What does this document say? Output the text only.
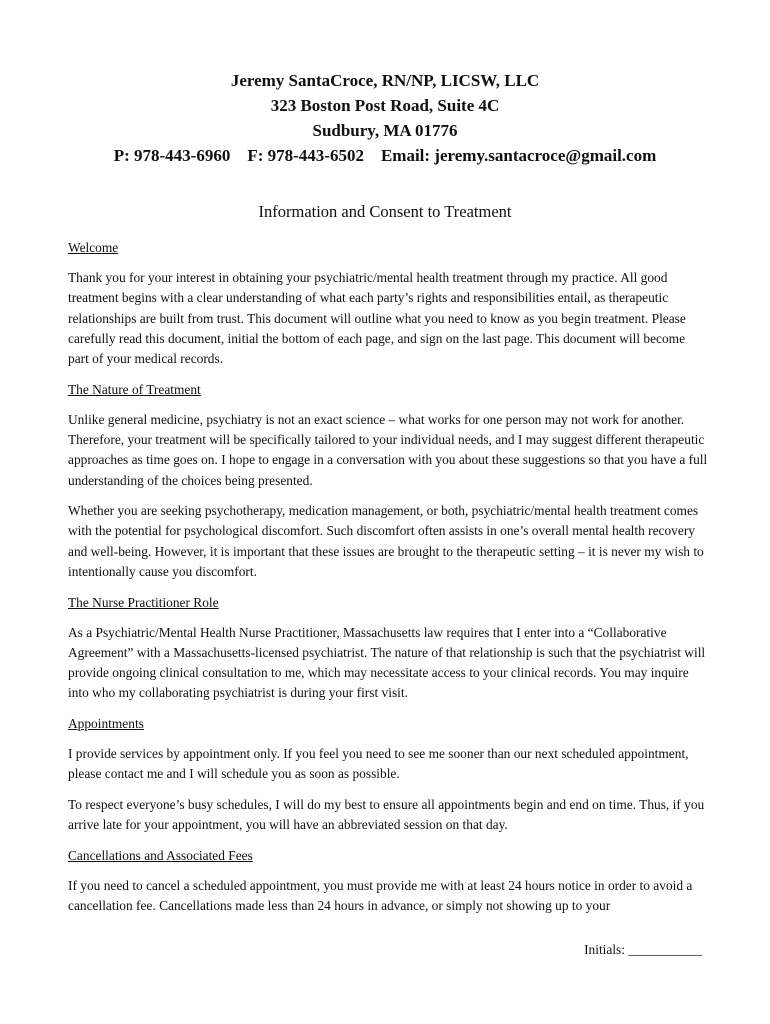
Jeremy SantaCroce, RN/NP, LICSW, LLC
323 Boston Post Road, Suite 4C
Sudbury, MA 01776
P: 978-443-6960    F: 978-443-6502    Email: jeremy.santacroce@gmail.com
Information and Consent to Treatment
Welcome

Thank you for your interest in obtaining your psychiatric/mental health treatment through my practice. All good treatment begins with a clear understanding of what each party’s rights and responsibilities entail, as therapeutic relationships are built from trust. This document will outline what you need to know as you begin treatment. Please carefully read this document, initial the bottom of each page, and sign on the last page. This document will become part of your medical records.

The Nature of Treatment

Unlike general medicine, psychiatry is not an exact science – what works for one person may not work for another. Therefore, your treatment will be specifically tailored to your individual needs, and I may suggest different therapeutic approaches as time goes on. I hope to engage in a conversation with you about these suggestions so that you have a full understanding of the choices being presented.

Whether you are seeking psychotherapy, medication management, or both, psychiatric/mental health treatment comes with the potential for psychological discomfort. Such discomfort often assists in one’s overall mental health recovery and well-being. However, it is important that these issues are brought to the therapeutic setting – it is never my wish to intentionally cause you discomfort.

The Nurse Practitioner Role

As a Psychiatric/Mental Health Nurse Practitioner, Massachusetts law requires that I enter into a “Collaborative Agreement” with a Massachusetts-licensed psychiatrist. The nature of that relationship is such that the psychiatrist will provide ongoing clinical consultation to me, which may necessitate access to your clinical records. You may inquire into who my collaborating psychiatrist is during your first visit.

Appointments

I provide services by appointment only. If you feel you need to see me sooner than our next scheduled appointment, please contact me and I will schedule you as soon as possible.

To respect everyone’s busy schedules, I will do my best to ensure all appointments begin and end on time. Thus, if you arrive late for your appointment, you will have an abbreviated session on that day.

Cancellations and Associated Fees

If you need to cancel a scheduled appointment, you must provide me with at least 24 hours notice in order to avoid a cancellation fee. Cancellations made less than 24 hours in advance, or simply not showing up to your

Initials: ___________
